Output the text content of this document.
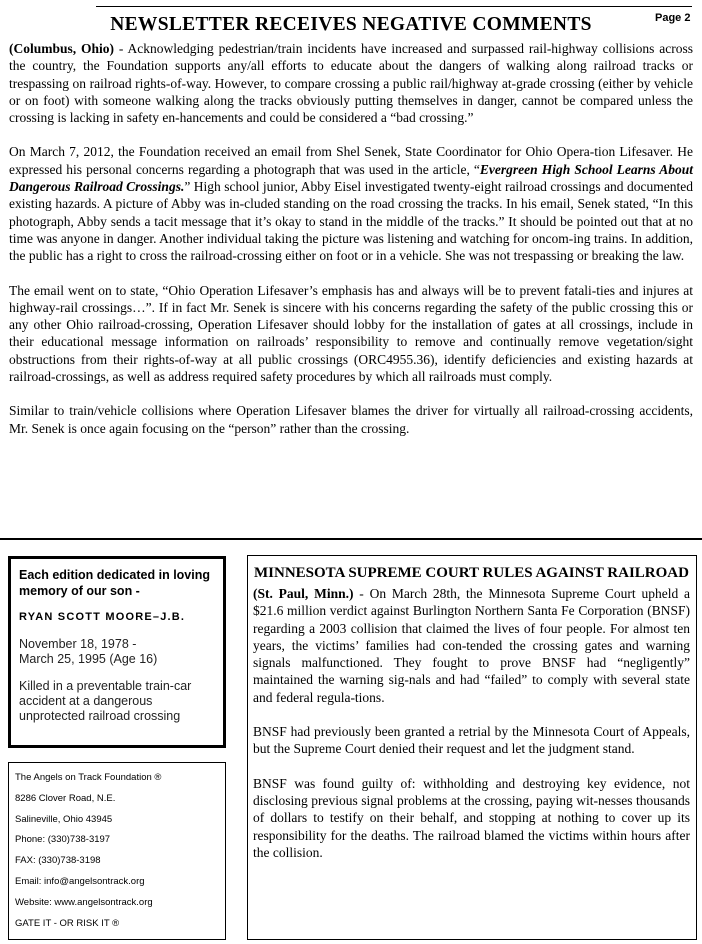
Page 2
NEWSLETTER RECEIVES NEGATIVE COMMENTS

(Columbus, Ohio) - Acknowledging pedestrian/train incidents have increased and surpassed rail-highway collisions across the country, the Foundation supports any/all efforts to educate about the dangers of walking along railroad tracks or trespassing on railroad rights-of-way. However, to compare crossing a public rail/highway at-grade crossing (either by vehicle or on foot) with someone walking along the tracks obviously putting themselves in danger, cannot be compared unless the crossing is lacking in safety en-hancements and could be considered a “bad crossing.”

On March 7, 2012, the Foundation received an email from Shel Senek, State Coordinator for Ohio Opera-tion Lifesaver. He expressed his personal concerns regarding a photograph that was used in the article, “Evergreen High School Learns About Dangerous Railroad Crossings.” High school junior, Abby Eisel investigated twenty-eight railroad crossings and documented existing hazards. A picture of Abby was in-cluded standing on the road crossing the tracks. In his email, Senek stated, “In this photograph, Abby sends a tacit message that it’s okay to stand in the middle of the tracks.” It should be pointed out that at no time was anyone in danger. Another individual taking the picture was listening and watching for oncom-ing trains. In addition, the public has a right to cross the railroad-crossing either on foot or in a vehicle. She was not trespassing or breaking the law.

The email went on to state, “Ohio Operation Lifesaver’s emphasis has and always will be to prevent fatali-ties and injures at highway-rail crossings…”. If in fact Mr. Senek is sincere with his concerns regarding the safety of the public crossing this or any other Ohio railroad-crossing, Operation Lifesaver should lobby for the installation of gates at all crossings, include in their educational message information on railroads’ responsibility to remove and continually remove vegetation/sight obstructions from their rights-of-way at all public crossings (ORC4955.36), identify deficiencies and existing hazards at railroad-crossings, as well as address required safety procedures by which all railroads must comply.

Similar to train/vehicle collisions where Operation Lifesaver blames the driver for virtually all railroad-crossing accidents, Mr. Senek is once again focusing on the “person” rather than the crossing.

Each edition dedicated in loving memory of our son -

RYAN SCOTT MOORE–J.B.

November 18, 1978 -
March 25, 1995 (Age 16)

Killed in a preventable train-car accident at a dangerous unprotected railroad crossing

The Angels on Track Foundation ®
8286 Clover Road, N.E.
Salineville, Ohio 43945
Phone: (330)738-3197
FAX: (330)738-3198
Email: info@angelsontrack.org
Website: www.angelsontrack.org
GATE IT - OR RISK IT ®
MINNESOTA SUPREME COURT RULES AGAINST RAILROAD

(St. Paul, Minn.) - On March 28th, the Minnesota Supreme Court upheld a $21.6 million verdict against Burlington Northern Santa Fe Corporation (BNSF) regarding a 2003 collision that claimed the lives of four people. For almost ten years, the victims’ families had con-tended the crossing gates and warning signals malfunctioned. They fought to prove BNSF had “negligently” maintained the warning sig-nals and had “failed” to comply with several state and federal regula-tions.

BNSF had previously been granted a retrial by the Minnesota Court of Appeals, but the Supreme Court denied their request and let the judgment stand.

BNSF was found guilty of: withholding and destroying key evidence, not disclosing previous signal problems at the crossing, paying wit-nesses thousands of dollars to testify on their behalf, and stopping at nothing to cover up its responsibility for the deaths. The railroad blamed the victims within hours after the collision.
